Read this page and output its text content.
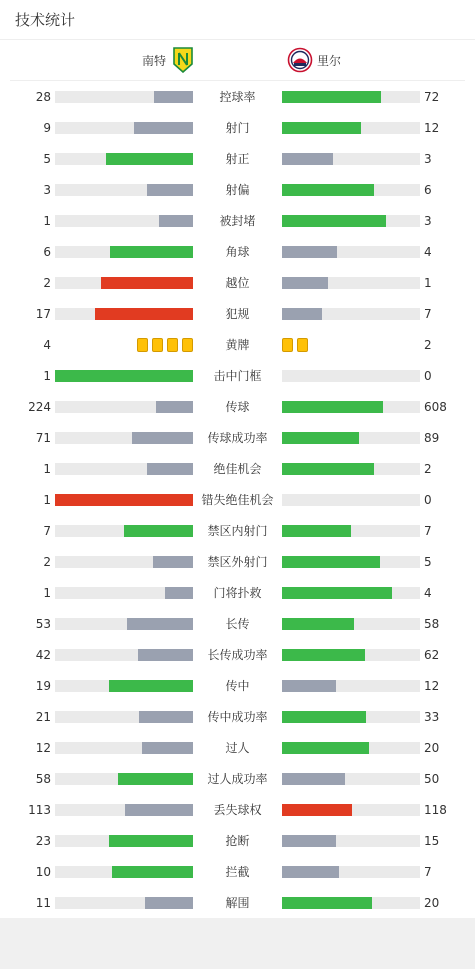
技术统计
南特	里尔
28	控球率	72
9	射门	12
5	射正	3
3	射偏	6
1	被封堵	3
6	角球	4
2	越位	1
17	犯规	7
4	黄牌	2
1	击中门框	0
224	传球	608
71	传球成功率	89
1	绝佳机会	2
1	错失绝佳机会	0
7	禁区内射门	7
2	禁区外射门	5
1	门将扑救	4
53	长传	58
42	长传成功率	62
19	传中	12
21	传中成功率	33
12	过人	20
58	过人成功率	50
113	丢失球权	118
23	抢断	15
10	拦截	7
11	解围	20
